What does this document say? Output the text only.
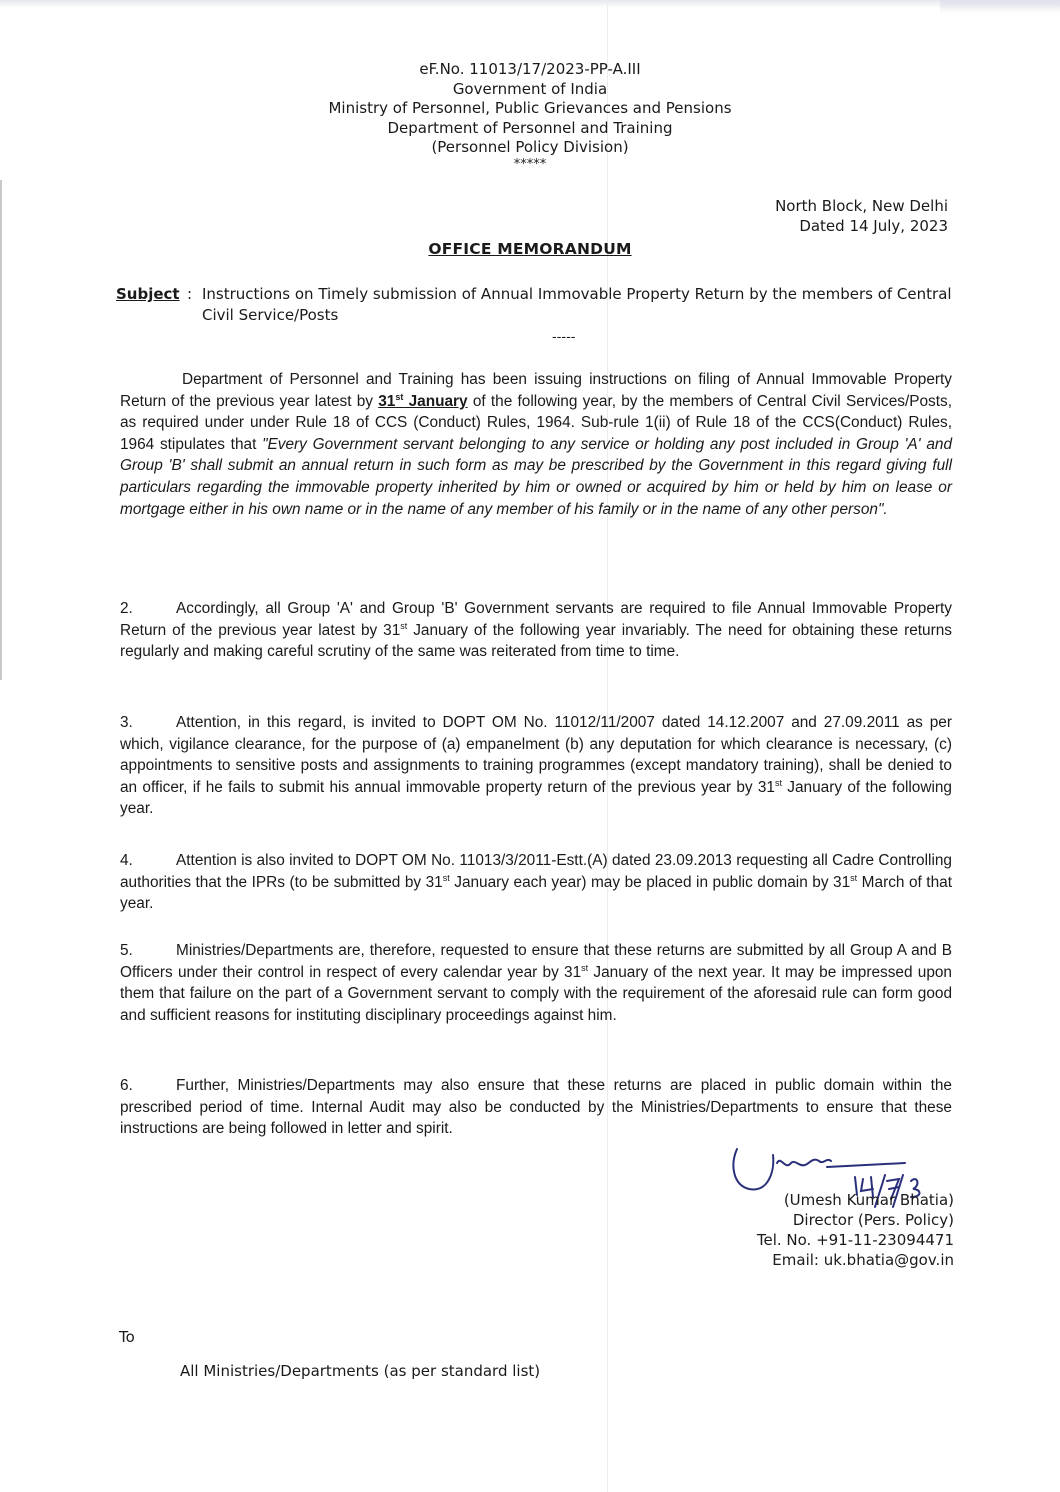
eF.No. 11013/17/2023-PP-A.III
Government of India
Ministry of Personnel, Public Grievances and Pensions
Department of Personnel and Training
(Personnel Policy Division)
*****
North Block, New Delhi
Dated 14 July, 2023
OFFICE MEMORANDUM
Subject : Instructions on Timely submission of Annual Immovable Property Return by the members of Central Civil Service/Posts
-----
Department of Personnel and Training has been issuing instructions on filing of Annual Immovable Property Return of the previous year latest by 31st January of the following year, by the members of Central Civil Services/Posts, as required under under Rule 18 of CCS (Conduct) Rules, 1964. Sub-rule 1(ii) of Rule 18 of the CCS(Conduct) Rules, 1964 stipulates that "Every Government servant belonging to any service or holding any post included in Group 'A' and Group 'B' shall submit an annual return in such form as may be prescribed by the Government in this regard giving full particulars regarding the immovable property inherited by him or owned or acquired by him or held by him on lease or mortgage either in his own name or in the name of any member of his family or in the name of any other person".
2.	Accordingly, all Group 'A' and Group 'B' Government servants are required to file Annual Immovable Property Return of the previous year latest by 31st January of the following year invariably. The need for obtaining these returns regularly and making careful scrutiny of the same was reiterated from time to time.
3.	Attention, in this regard, is invited to DOPT OM No. 11012/11/2007 dated 14.12.2007 and 27.09.2011 as per which, vigilance clearance, for the purpose of (a) empanelment (b) any deputation for which clearance is necessary, (c) appointments to sensitive posts and assignments to training programmes (except mandatory training), shall be denied to an officer, if he fails to submit his annual immovable property return of the previous year by 31st January of the following year.
4.	Attention is also invited to DOPT OM No. 11013/3/2011-Estt.(A) dated 23.09.2013 requesting all Cadre Controlling authorities that the IPRs (to be submitted by 31st January each year) may be placed in public domain by 31st March of that year.
5.	Ministries/Departments are, therefore, requested to ensure that these returns are submitted by all Group A and B Officers under their control in respect of every calendar year by 31st January of the next year. It may be impressed upon them that failure on the part of a Government servant to comply with the requirement of the aforesaid rule can form good and sufficient reasons for instituting disciplinary proceedings against him.
6.	Further, Ministries/Departments may also ensure that these returns are placed in public domain within the prescribed period of time. Internal Audit may also be conducted by the Ministries/Departments to ensure that these instructions are being followed in letter and spirit.
(Umesh Kumar Bhatia)
Director (Pers. Policy)
Tel. No. +91-11-23094471
Email: uk.bhatia@gov.in
To
All Ministries/Departments (as per standard list)
